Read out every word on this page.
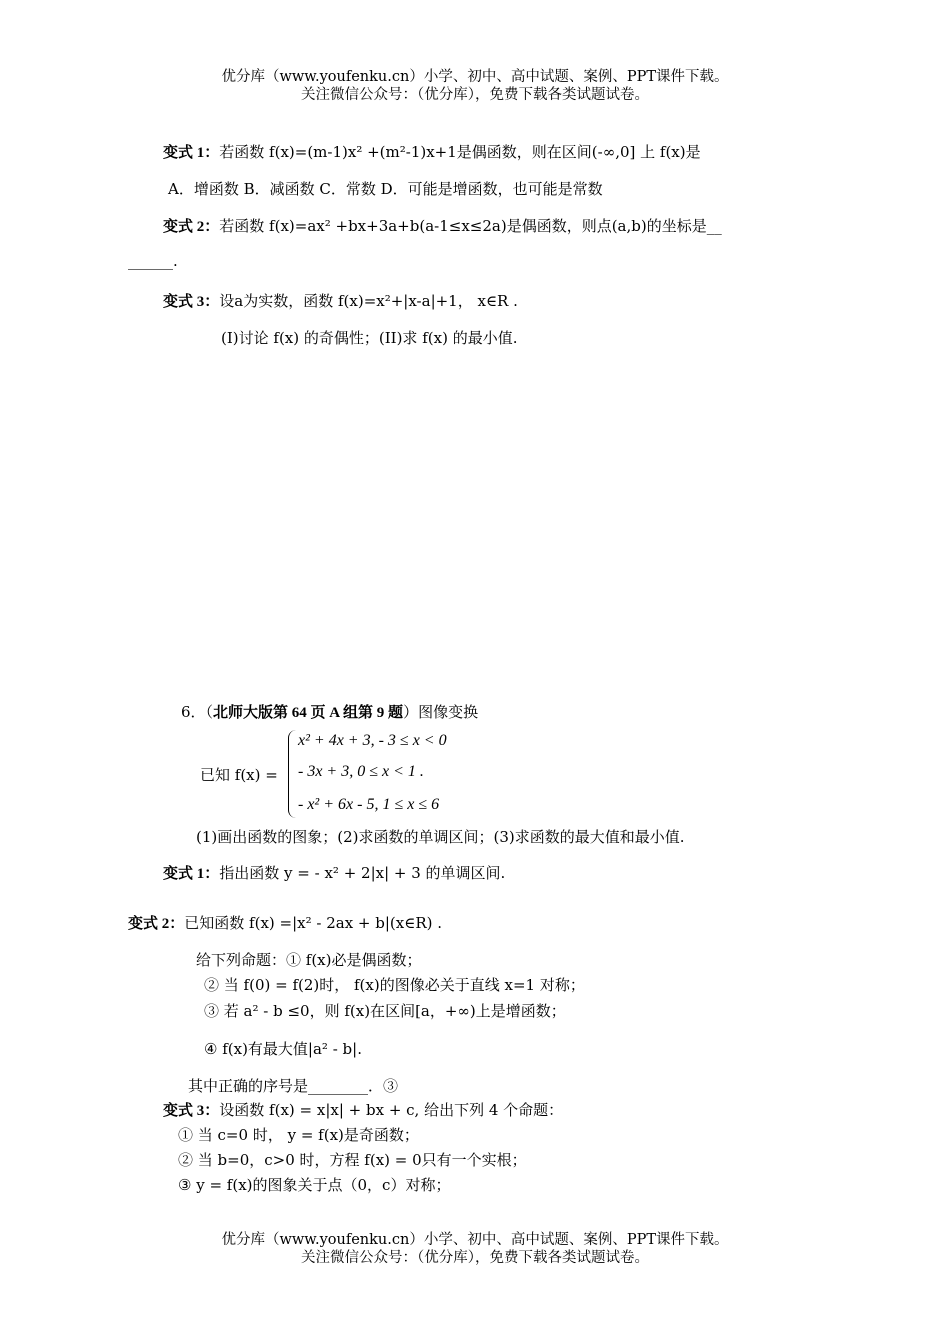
优分库（www.youfenku.cn）小学、初中、高中试题、案例、PPT课件下载。
关注微信公众号：（优分库），免费下载各类试题试卷。
变式 1：若函数 f(x)=(m-1)x² +(m²-1)x+1是偶函数，则在区间(-∞,0] 上 f(x)是
A．增函数 B．减函数 C．常数 D．可能是增函数，也可能是常数
变式 2：若函数 f(x)=ax² +bx+3a+b(a-1≤x≤2a)是偶函数，则点(a,b)的坐标是__
______.
变式 3：设a为实数，函数 f(x)=x²+|x-a|+1， x∈R .
(I)讨论 f(x) 的奇偶性；(II)求 f(x) 的最小值.
6．（北师大版第 64 页 A 组第 9 题）图像变换
已知 f(x) =
x² + 4x + 3, - 3 ≤ x < 0
- 3x + 3, 0 ≤ x < 1 .
- x² + 6x - 5, 1 ≤ x ≤ 6
(1)画出函数的图象；(2)求函数的单调区间；(3)求函数的最大值和最小值.
变式 1：指出函数 y = - x² + 2|x| + 3 的单调区间.
变式 2：已知函数 f(x) =|x² - 2ax + b|(x∈R) .
给下列命题：① f(x)必是偶函数；
② 当 f(0) = f(2)时， f(x)的图像必关于直线 x=1 对称；
③ 若 a² - b ≤0，则 f(x)在区间[a，+∞)上是增函数；
④ f(x)有最大值|a² - b|.
其中正确的序号是________．③
变式 3：设函数 f(x) = x|x| + bx + c, 给出下列 4 个命题：
① 当 c=0 时， y = f(x)是奇函数；
② 当 b=0，c>0 时，方程 f(x) = 0只有一个实根；
③ y = f(x)的图象关于点（0，c）对称；
优分库（www.youfenku.cn）小学、初中、高中试题、案例、PPT课件下载。
关注微信公众号：（优分库），免费下载各类试题试卷。
